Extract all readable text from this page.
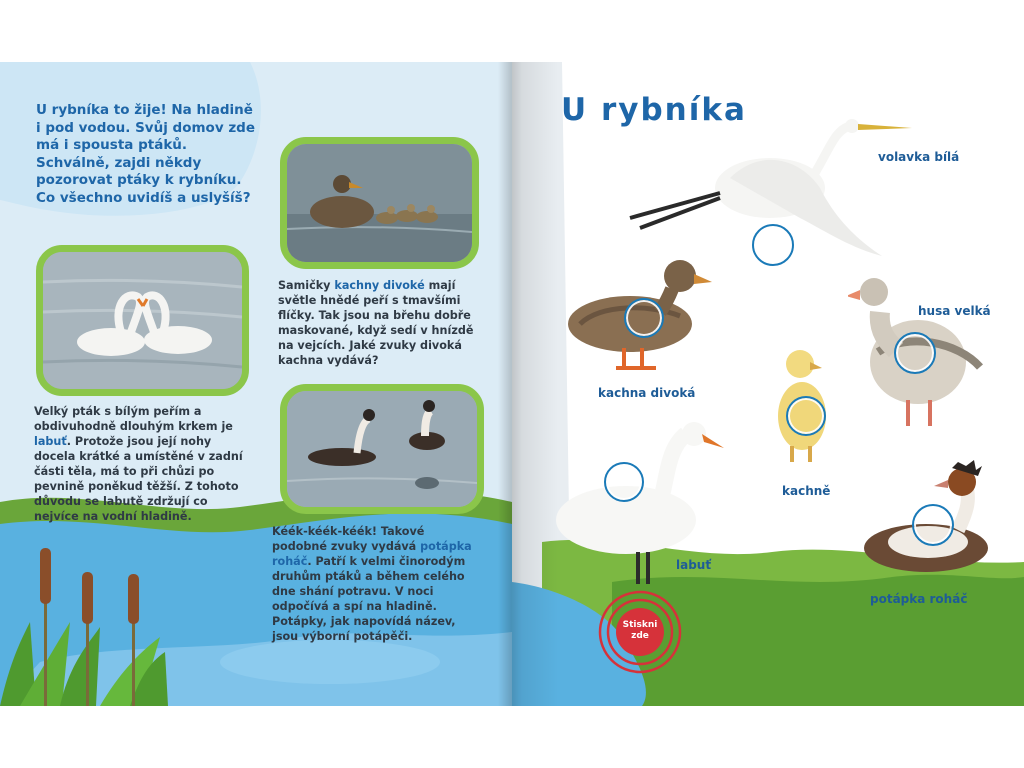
U rybníka to žije! Na hladině i pod vodou. Svůj domov zde má i spousta ptáků. Schválně, zajdi někdy pozorovat ptáky k rybníku. Co všechno uvidíš a uslyšíš?

Samičky kachny divoké mají světle hnědé peří s tmavšími flíčky. Tak jsou na břehu dobře maskované, když sedí v hnízdě na vejcích. Jaké zvuky divoká kachna vydává?

Velký pták s bílým peřím a obdivuhodně dlouhým krkem je labuť. Protože jsou její nohy docela krátké a umístěné v zadní části těla, má to při chůzi po pevnině poněkud těžší. Z tohoto důvodu se labutě zdržují co nejvíce na vodní hladině.

Kéék-kéék-kéék! Takové podobné zvuky vydává potápka roháč. Patří k velmi činorodým druhům ptáků a během celého dne shání potravu. V noci odpočívá a spí na hladině. Potápky, jak napovídá název, jsou výborní potápěči.

U rybníka

volavka bílá

kachna divoká

husa velká

kachně

labuť

potápka roháč

Stiskni
zde
